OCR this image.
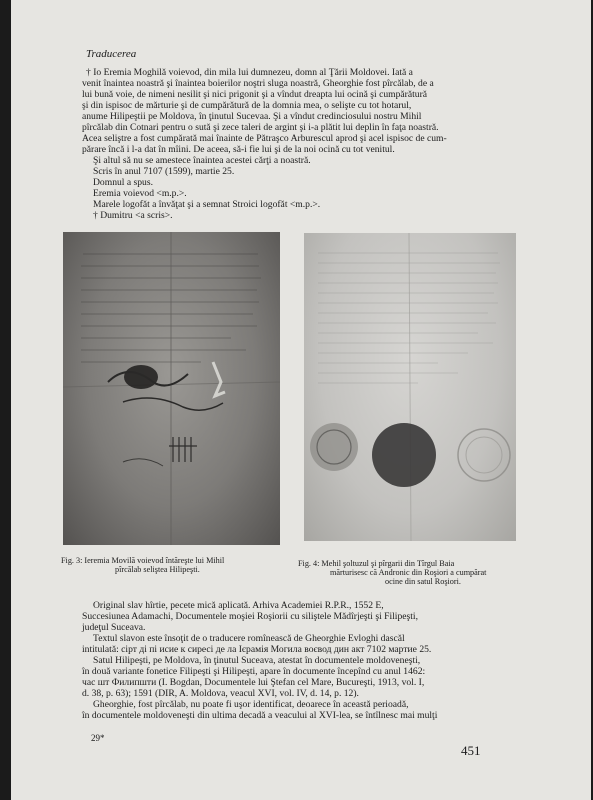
Traducerea
† Io Eremia Moghilă voievod, din mila lui dumnezeu, domn al Ţării Moldovei. Iată a
venit înaintea noastră şi înaintea boierilor noştri sluga noastră, Gheorghie fost pîrcălab, de a
lui bună voie, de nimeni nesilit şi nici prigonit şi a vîndut dreapta lui ocină şi cumpărătură
şi din ispisoc de mărturie şi de cumpărătură de la domnia mea, o selişte cu tot hotarul,
anume Hilipeştii pe Moldova, în ţinutul Sucevaa. Şi a vîndut credinciosului nostru Mihil
pîrcălab din Cotnari pentru o sută şi zece taleri de argint şi i-a plătit lui deplin în faţa noastră.
Acea seliştre a fost cumpărată mai înainte de Pătraşco Arburescul aprod şi acel ispisoc de cum-
părare încă i l-a dat în mîini. De aceea, să-i fie lui şi de la noi ocină cu tot venitul.
Şi altul să nu se amestece înaintea acestei cărţi a noastră.
Scris în anul 7107 (1599), martie 25.
Domnul a spus.
Eremia voievod <m.p.>.
Marele logofăt a învăţat şi a semnat Stroici logofăt <m.p.>.
† Dumitru <a scris>.
Fig. 3: Ieremia Movilă voievod întăreşte lui Mihil
pîrcălab seliştea Hilipeşti.
Fig. 4: Mehil şoltuzul şi pîrgarii din Tîrgul Baia
mărturisesc că Andronic din Roşiori a cumpărat
ocine din satul Roşiori.
Original slav hîrtie, pecete mică aplicată. Arhiva Academiei R.P.R., 1552 E,
Succesiunea Adamachi, Documentele moşiei Roşiorii cu siliştele Mădîrjeşti şi Filipeşti,
judeţul Suceava.
Textul slavon este însoţit de o traducere romînească de Gheorghie Evloghi dascăl
intitulată: сірт ді пі исие к сиресі де ла Ієрамія Могила воєвод дин акт 7102 мартие 25.
Satul Hilipeşti, pe Moldova, în ţinutul Suceava, atestat în documentele moldoveneşti,
în două variante fonetice Filipeşti şi Hilipeşti, apare în documente începînd cu anul 1462:
час шт Филипшти (I. Bogdan, Documentele lui Ştefan cel Mare, Bucureşti, 1913, vol. I,
d. 38, p. 63); 1591 (DIR, A. Moldova, veacul XVI, vol. IV, d. 14, p. 12).
Gheorghie, fost pîrcălab, nu poate fi uşor identificat, deoarece în această perioadă,
în documentele moldoveneşti din ultima decadă a veacului al XVI-lea, se întîlnesc mai mulţi
29*
451
